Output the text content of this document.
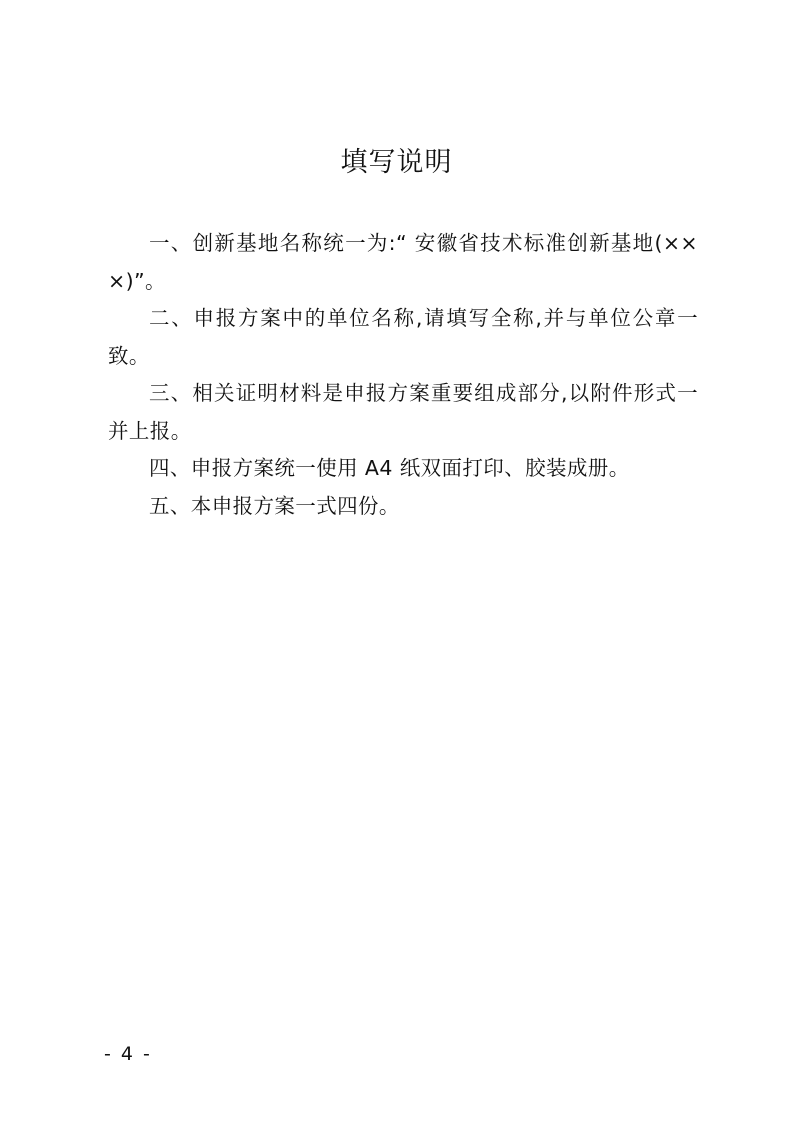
填写说明

一、创新基地名称统一为:“ 安徽省技术标准创新基地(×××)”。

二、申报方案中的单位名称,请填写全称,并与单位公章一致。

三、相关证明材料是申报方案重要组成部分,以附件形式一并上报。

四、申报方案统一使用 A4 纸双面打印、胶装成册。

五、本申报方案一式四份。

- 4 -
